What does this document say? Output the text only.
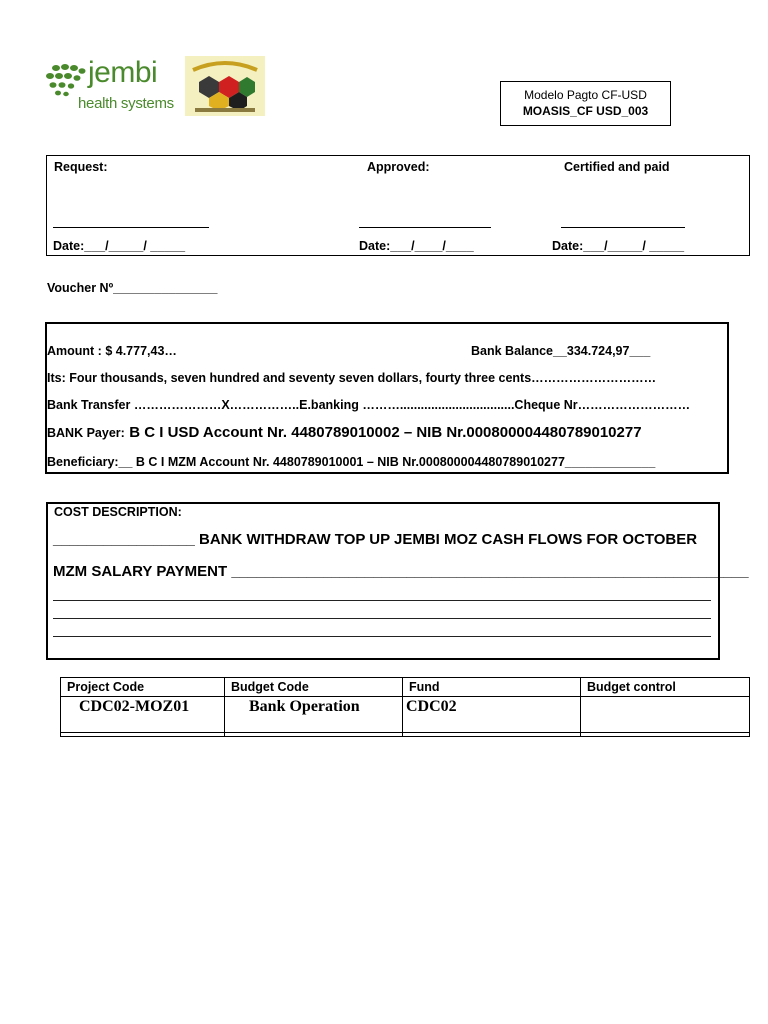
jembi
health systems	Modelo Pagto CF-USD
MOASIS_CF USD_003
Request:	Approved:	Certified and paid
Date:___/_____/ _____	Date:___/____/____	Date:___/_____/ _____
Voucher Nº_______________
Amount : $ 4.777,43…	Bank Balance__334.724,97___
Its: Four thousands, seven hundred and seventy seven dollars, fourty three cents…………………………
Bank Transfer …………………X……………..E.banking ……….................................Cheque Nr………………………
BANK Payer: B C I USD Account Nr. 4480789010002 – NIB Nr.000800004480789010277
Beneficiary:__ B C I MZM Account Nr. 4480789010001 – NIB Nr.000800004480789010277_____________
COST DESCRIPTION:
_________________ BANK WITHDRAW TOP UP JEMBI MOZ CASH FLOWS FOR OCTOBER
MZM SALARY PAYMENT ______________________________________________________________
Project Code	Budget Code	Fund	Budget control
CDC02-MOZ01	Bank Operation	CDC02	
